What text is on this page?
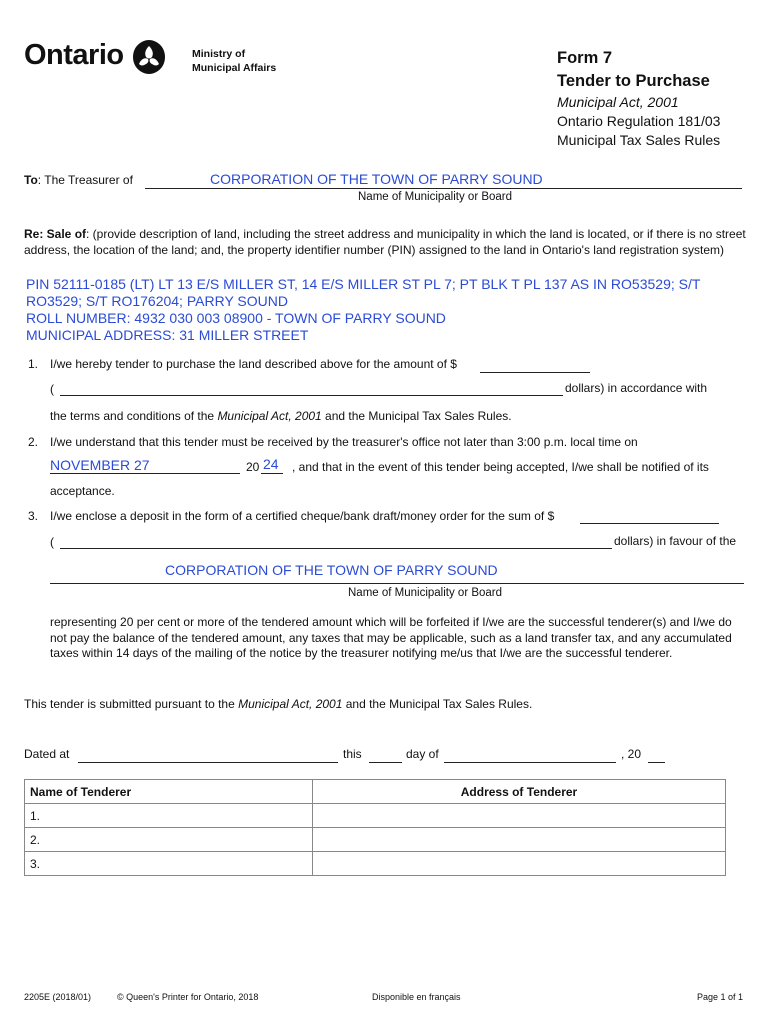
Ontario	Ministry of
Municipal Affairs
Form 7
Tender to Purchase
Municipal Act, 2001
Ontario Regulation 181/03
Municipal Tax Sales Rules
To: The Treasurer of	CORPORATION OF THE TOWN OF PARRY SOUND
Name of Municipality or Board
Re: Sale of: (provide description of land, including the street address and municipality in which the land is located, or if there is no street address, the location of the land; and, the property identifier number (PIN) assigned to the land in Ontario's land registration system)
PIN 52111-0185 (LT) LT 13 E/S MILLER ST, 14 E/S MILLER ST PL 7; PT BLK T PL 137 AS IN RO53529; S/T
RO3529; S/T RO176204; PARRY SOUND
ROLL NUMBER: 4932 030 003 08900 - TOWN OF PARRY SOUND
MUNICIPAL ADDRESS: 31 MILLER STREET
1. I/we hereby tender to purchase the land described above for the amount of $
(	dollars) in accordance with
the terms and conditions of the Municipal Act, 2001 and the Municipal Tax Sales Rules.
2. I/we understand that this tender must be received by the treasurer's office not later than 3:00 p.m. local time on
NOVEMBER 27	20 24 , and that in the event of this tender being accepted, I/we shall be notified of its
acceptance.
3. I/we enclose a deposit in the form of a certified cheque/bank draft/money order for the sum of $
(	dollars) in favour of the
CORPORATION OF THE TOWN OF PARRY SOUND
Name of Municipality or Board
representing 20 per cent or more of the tendered amount which will be forfeited if I/we are the successful tenderer(s) and I/we do not pay the balance of the tendered amount, any taxes that may be applicable, such as a land transfer tax, and any accumulated taxes within 14 days of the mailing of the notice by the treasurer notifying me/us that I/we are the successful tenderer.
This tender is submitted pursuant to the Municipal Act, 2001 and the Municipal Tax Sales Rules.
Dated at	this	day of	, 20
Name of Tenderer	Address of Tenderer
1.	
2.	
3.	
2205E (2018/01)	© Queen's Printer for Ontario, 2018	Disponible en français	Page 1 of 1
